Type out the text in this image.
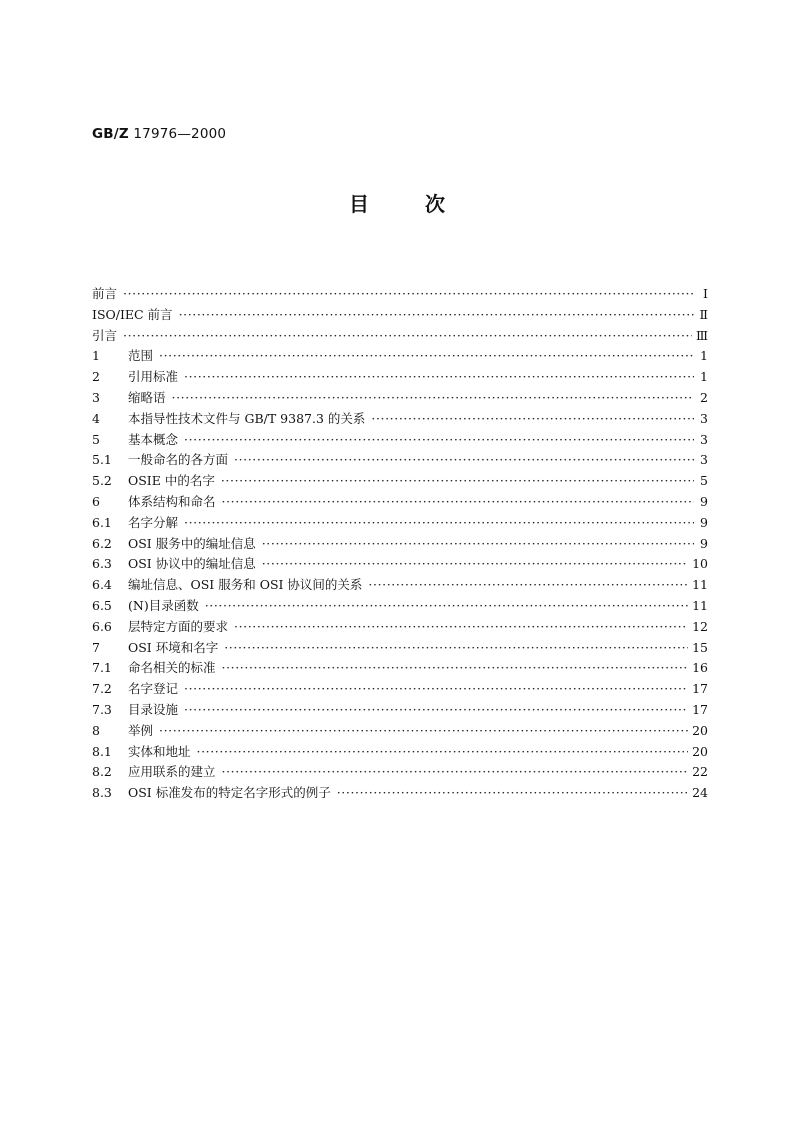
GB/Z 17976—2000
目次
前言 ·····	Ⅰ
ISO/IEC 前言 ·····	Ⅱ
引言 ·····	Ⅲ
1	范围 ·····	1
2	引用标准 ·····	1
3	缩略语 ·····	2
4	本指导性技术文件与 GB/T 9387.3 的关系 ·····	3
5	基本概念 ·····	3
5.1	一般命名的各方面 ·····	3
5.2	OSIE 中的名字 ·····	5
6	体系结构和命名 ·····	9
6.1	名字分解 ·····	9
6.2	OSI 服务中的编址信息 ·····	9
6.3	OSI 协议中的编址信息 ·····	10
6.4	编址信息、OSI 服务和 OSI 协议间的关系 ·····	11
6.5	(N)目录函数 ·····	11
6.6	层特定方面的要求 ·····	12
7	OSI 环境和名字 ·····	15
7.1	命名相关的标准 ·····	16
7.2	名字登记 ·····	17
7.3	目录设施 ·····	17
8	举例 ·····	20
8.1	实体和地址 ·····	20
8.2	应用联系的建立 ·····	22
8.3	OSI 标准发布的特定名字形式的例子 ·····	24
